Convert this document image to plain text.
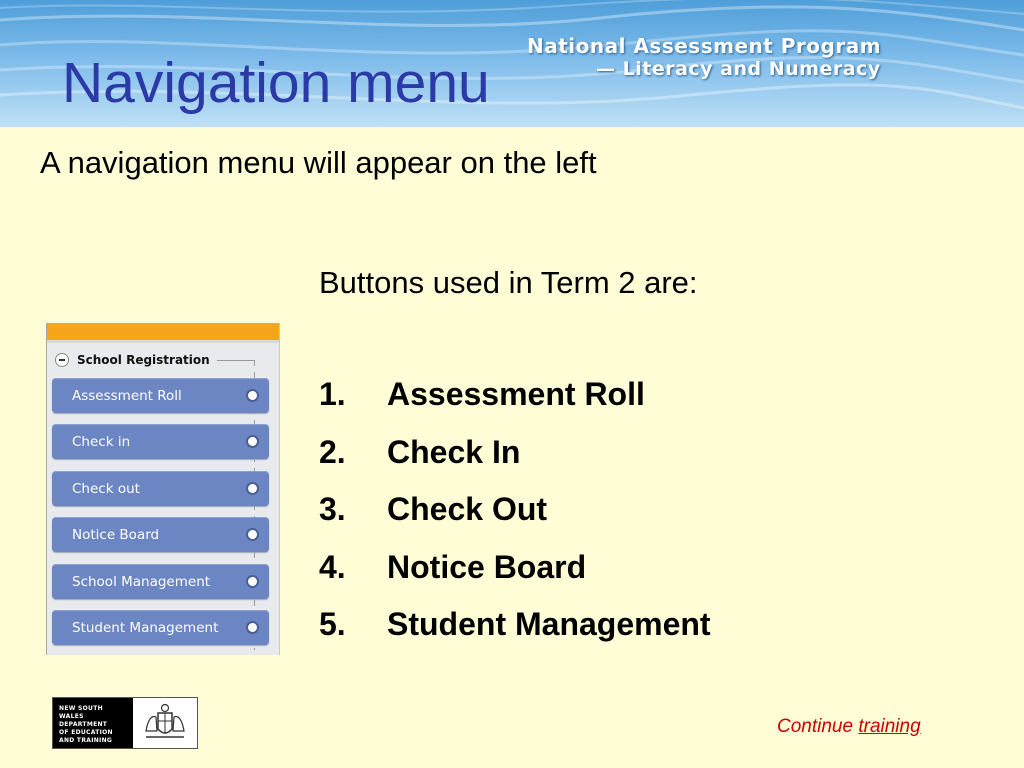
National Assessment Program
— Literacy and Numeracy
Navigation menu

A navigation menu will appear on the left

Buttons used in Term 2 are:

1.	Assessment Roll
2.	Check In
3.	Check Out
4.	Notice Board
5.	Student Management
School Registration
Assessment Roll
Check in
Check out
Notice Board
School Management
Student Management
NEW SOUTH WALES
DEPARTMENT
OF EDUCATION
AND TRAINING
Continue training
